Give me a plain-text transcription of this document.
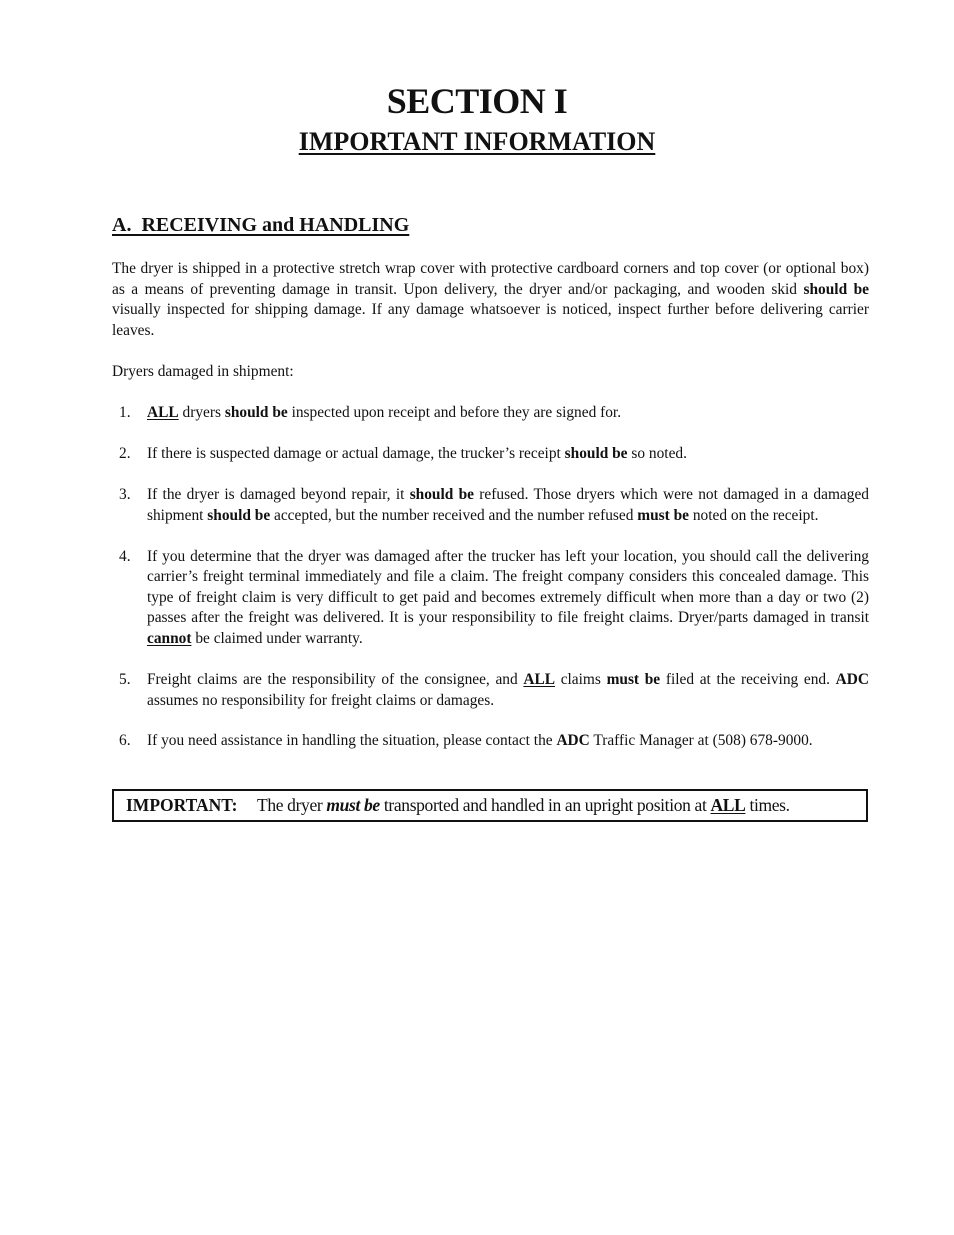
SECTION I
IMPORTANT INFORMATION
A.  RECEIVING and HANDLING

The dryer is shipped in a protective stretch wrap cover with protective cardboard corners and top cover (or optional box) as a means of preventing damage in transit. Upon delivery, the dryer and/or packaging, and wooden skid should be visually inspected for shipping damage. If any damage whatsoever is noticed, inspect further before delivering carrier leaves.

Dryers damaged in shipment:

1. ALL dryers should be inspected upon receipt and before they are signed for.
2. If there is suspected damage or actual damage, the trucker’s receipt should be so noted.
3. If the dryer is damaged beyond repair, it should be refused. Those dryers which were not damaged in a damaged shipment should be accepted, but the number received and the number refused must be noted on the receipt.
4. If you determine that the dryer was damaged after the trucker has left your location, you should call the delivering carrier’s freight terminal immediately and file a claim. The freight company considers this concealed damage. This type of freight claim is very difficult to get paid and becomes extremely difficult when more than a day or two (2) passes after the freight was delivered. It is your responsibility to file freight claims. Dryer/parts damaged in transit cannot be claimed under warranty.
5. Freight claims are the responsibility of the consignee, and ALL claims must be filed at the receiving end. ADC assumes no responsibility for freight claims or damages.
6. If you need assistance in handling the situation, please contact the ADC Traffic Manager at (508) 678-9000.
IMPORTANT: The dryer must be transported and handled in an upright position at ALL times.
